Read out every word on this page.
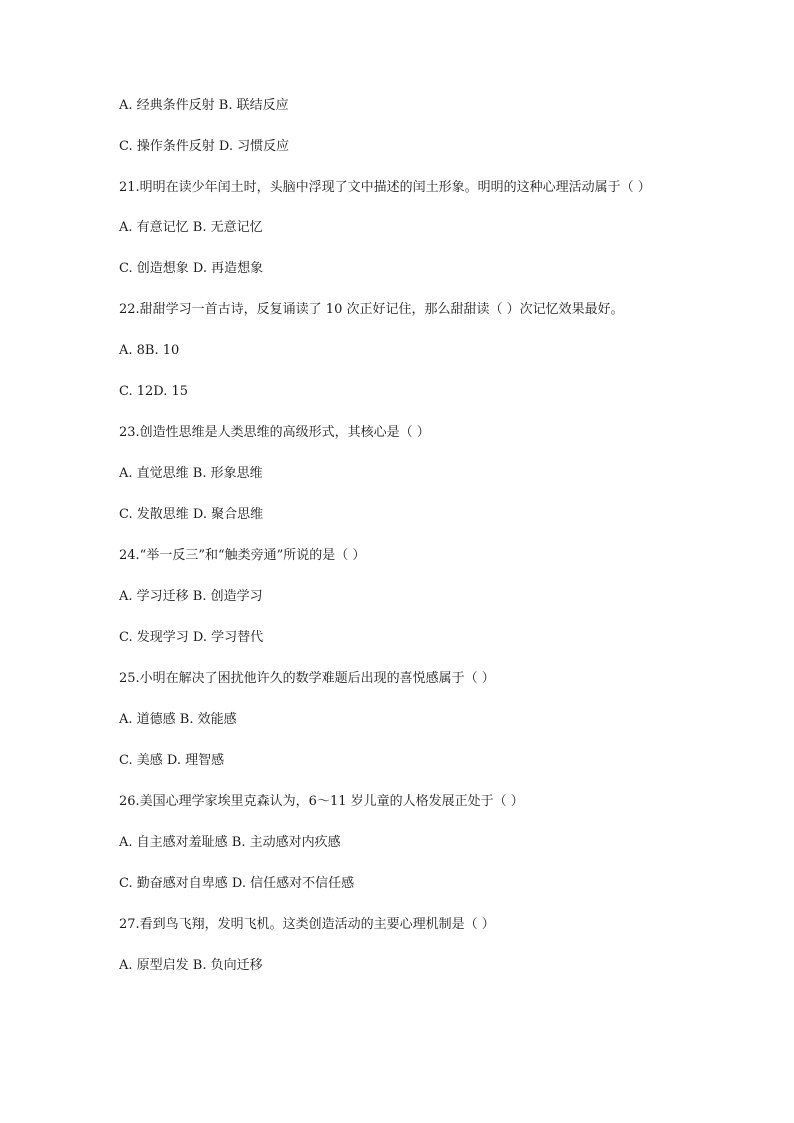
A. 经典条件反射 B. 联结反应

C. 操作条件反射 D. 习惯反应

21.明明在读少年闰土时，头脑中浮现了文中描述的闰土形象。明明的这种心理活动属于（ ）

A. 有意记忆 B. 无意记忆

C. 创造想象 D. 再造想象

22.甜甜学习一首古诗，反复诵读了 10 次正好记住，那么甜甜读（ ）次记忆效果最好。

A. 8B. 10

C. 12D. 15

23.创造性思维是人类思维的高级形式，其核心是（ ）

A. 直觉思维 B. 形象思维

C. 发散思维 D. 聚合思维

24.“举一反三”和“触类旁通”所说的是（ ）

A. 学习迁移 B. 创造学习

C. 发现学习 D. 学习替代

25.小明在解决了困扰他许久的数学难题后出现的喜悦感属于（ ）

A. 道德感 B. 效能感

C. 美感 D. 理智感

26.美国心理学家埃里克森认为，6～11 岁儿童的人格发展正处于（ ）

A. 自主感对羞耻感 B. 主动感对内疚感

C. 勤奋感对自卑感 D. 信任感对不信任感

27.看到鸟飞翔，发明飞机。这类创造活动的主要心理机制是（ ）

A. 原型启发 B. 负向迁移
